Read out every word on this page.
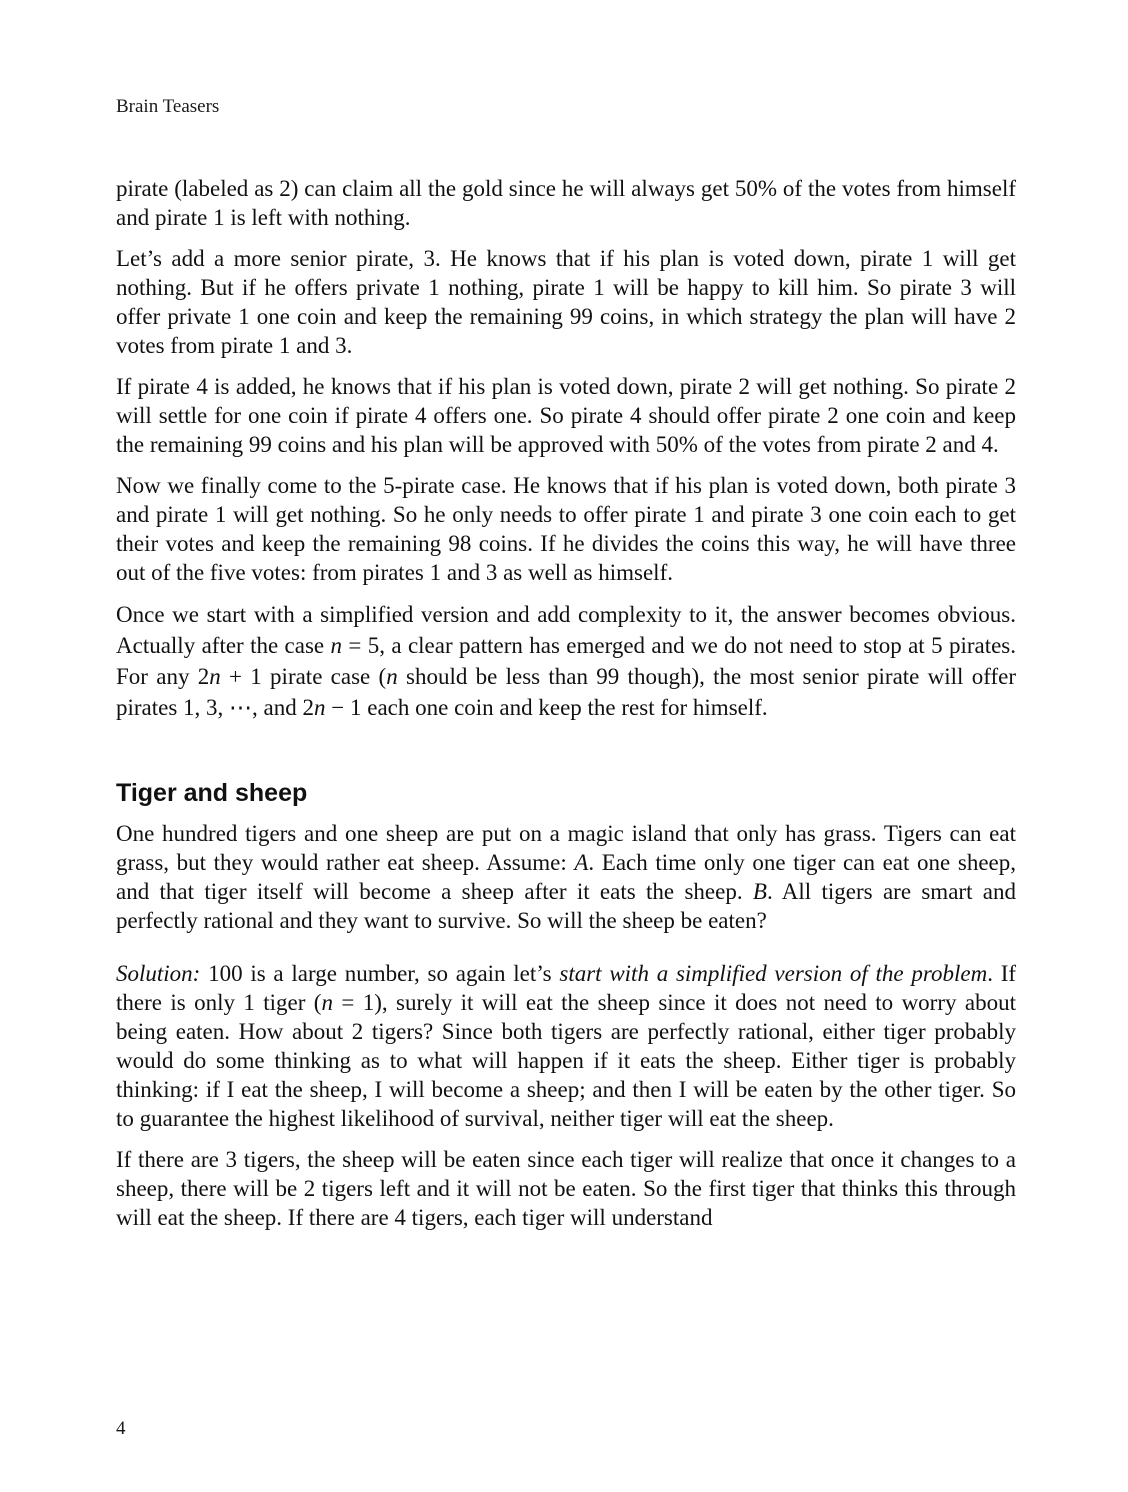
Brain Teasers

pirate (labeled as 2) can claim all the gold since he will always get 50% of the votes from himself and pirate 1 is left with nothing.

Let’s add a more senior pirate, 3. He knows that if his plan is voted down, pirate 1 will get nothing. But if he offers private 1 nothing, pirate 1 will be happy to kill him. So pirate 3 will offer private 1 one coin and keep the remaining 99 coins, in which strategy the plan will have 2 votes from pirate 1 and 3.

If pirate 4 is added, he knows that if his plan is voted down, pirate 2 will get nothing. So pirate 2 will settle for one coin if pirate 4 offers one. So pirate 4 should offer pirate 2 one coin and keep the remaining 99 coins and his plan will be approved with 50% of the votes from pirate 2 and 4.

Now we finally come to the 5-pirate case. He knows that if his plan is voted down, both pirate 3 and pirate 1 will get nothing. So he only needs to offer pirate 1 and pirate 3 one coin each to get their votes and keep the remaining 98 coins. If he divides the coins this way, he will have three out of the five votes: from pirates 1 and 3 as well as himself.

Once we start with a simplified version and add complexity to it, the answer becomes obvious. Actually after the case n = 5, a clear pattern has emerged and we do not need to stop at 5 pirates. For any 2n + 1 pirate case (n should be less than 99 though), the most senior pirate will offer pirates 1, 3, ⋯, and 2n − 1 each one coin and keep the rest for himself.

Tiger and sheep

One hundred tigers and one sheep are put on a magic island that only has grass. Tigers can eat grass, but they would rather eat sheep. Assume: A. Each time only one tiger can eat one sheep, and that tiger itself will become a sheep after it eats the sheep. B. All tigers are smart and perfectly rational and they want to survive. So will the sheep be eaten?

Solution: 100 is a large number, so again let’s start with a simplified version of the problem. If there is only 1 tiger (n = 1), surely it will eat the sheep since it does not need to worry about being eaten. How about 2 tigers? Since both tigers are perfectly rational, either tiger probably would do some thinking as to what will happen if it eats the sheep. Either tiger is probably thinking: if I eat the sheep, I will become a sheep; and then I will be eaten by the other tiger. So to guarantee the highest likelihood of survival, neither tiger will eat the sheep.

If there are 3 tigers, the sheep will be eaten since each tiger will realize that once it changes to a sheep, there will be 2 tigers left and it will not be eaten. So the first tiger that thinks this through will eat the sheep. If there are 4 tigers, each tiger will understand

4
